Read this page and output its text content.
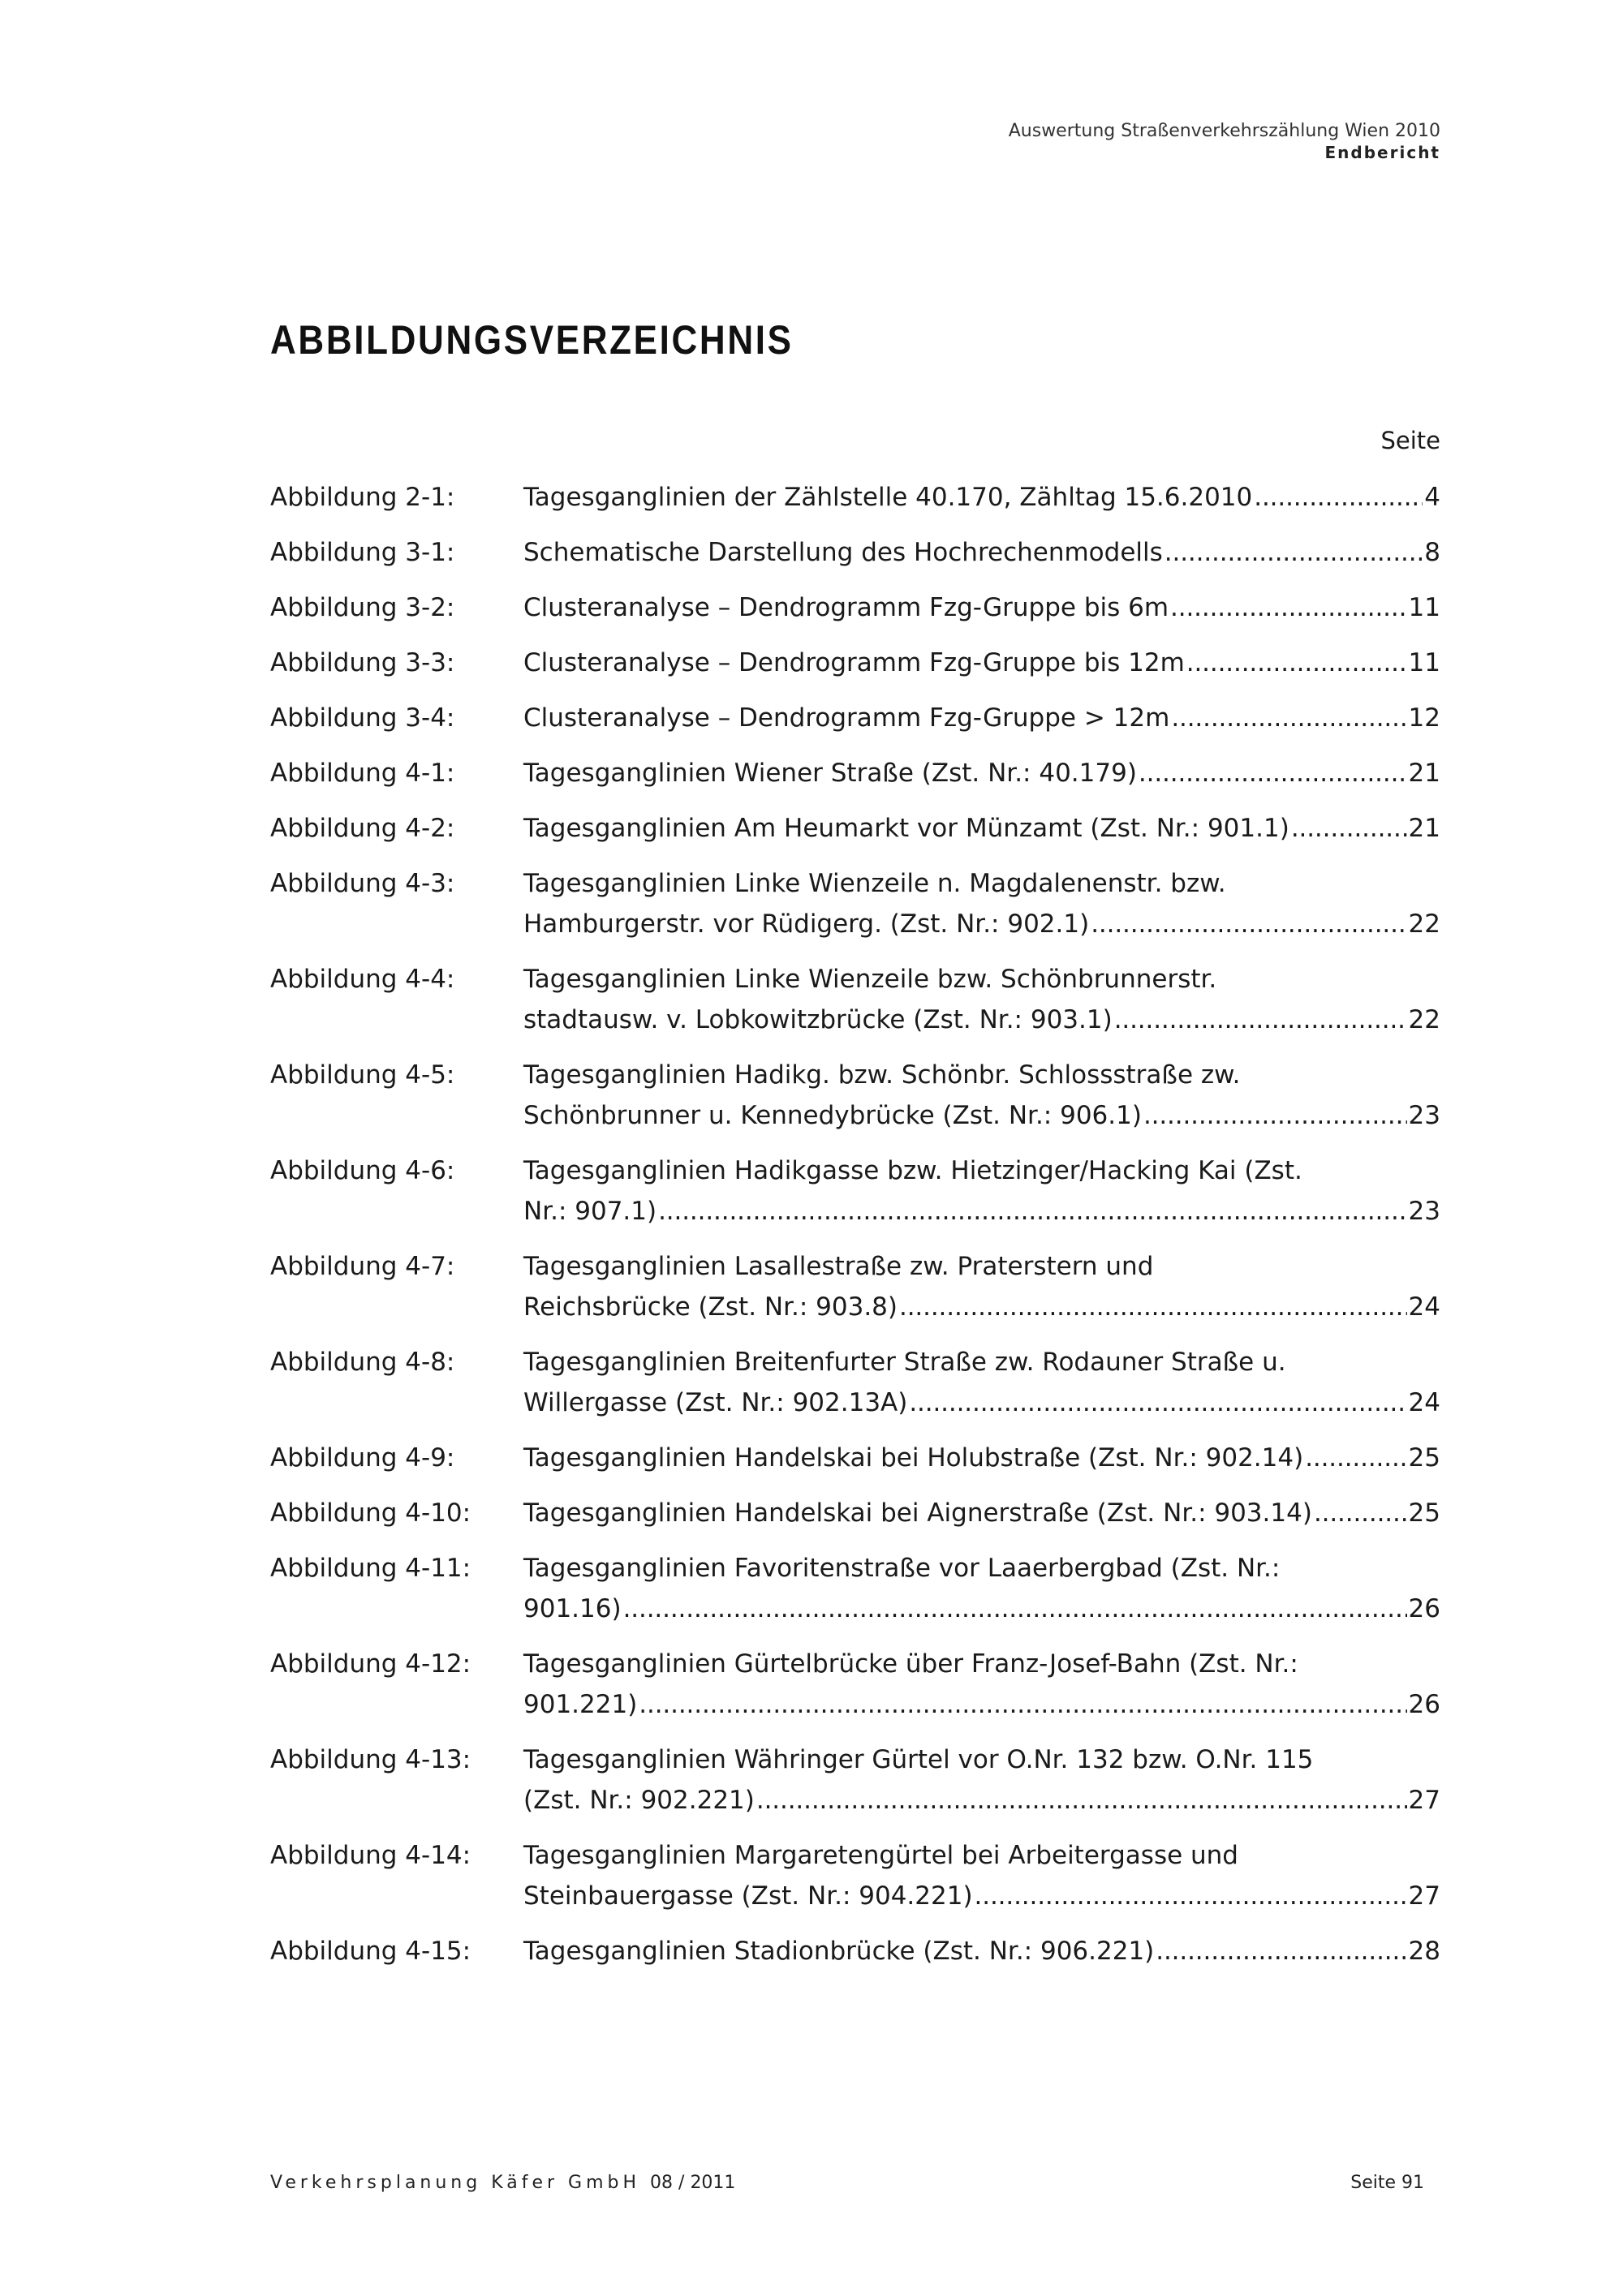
Auswertung Straßenverkehrszählung Wien 2010
Endbericht
ABBILDUNGSVERZEICHNIS
Seite
Abbildung 2-1:	Tagesganglinien der Zählstelle 40.170, Zähltag 15.6.2010 . . .	4
Abbildung 3-1:	Schematische Darstellung des Hochrechenmodells . . .	8
Abbildung 3-2:	Clusteranalyse – Dendrogramm Fzg-Gruppe bis 6m . . .	11
Abbildung 3-3:	Clusteranalyse – Dendrogramm Fzg-Gruppe bis 12m . . .	11
Abbildung 3-4:	Clusteranalyse – Dendrogramm Fzg-Gruppe > 12m . . .	12
Abbildung 4-1:	Tagesganglinien Wiener Straße (Zst. Nr.: 40.179) . . .	21
Abbildung 4-2:	Tagesganglinien Am Heumarkt vor Münzamt (Zst. Nr.: 901.1) . . .	21
Abbildung 4-3:	Tagesganglinien Linke Wienzeile n. Magdalenenstr. bzw.
Hamburgerstr. vor Rüdigerg. (Zst. Nr.: 902.1) . . .	22
Abbildung 4-4:	Tagesganglinien Linke Wienzeile bzw. Schönbrunnerstr.
stadtausw. v. Lobkowitzbrücke (Zst. Nr.: 903.1) . . .	22
Abbildung 4-5:	Tagesganglinien Hadikg. bzw. Schönbr. Schlossstraße zw.
Schönbrunner u. Kennedybrücke (Zst. Nr.: 906.1) . . .	23
Abbildung 4-6:	Tagesganglinien Hadikgasse bzw. Hietzinger/Hacking Kai (Zst.
Nr.: 907.1) . . .	23
Abbildung 4-7:	Tagesganglinien Lasallestraße zw. Praterstern und
Reichsbrücke (Zst. Nr.: 903.8) . . .	24
Abbildung 4-8:	Tagesganglinien Breitenfurter Straße zw. Rodauner Straße u.
Willergasse (Zst. Nr.: 902.13A) . . .	24
Abbildung 4-9:	Tagesganglinien Handelskai bei Holubstraße (Zst. Nr.: 902.14) . . .	25
Abbildung 4-10:	Tagesganglinien Handelskai bei Aignerstraße (Zst. Nr.: 903.14) . . .	25
Abbildung 4-11:	Tagesganglinien Favoritenstraße vor Laaerbergbad (Zst. Nr.:
901.16) . . .	26
Abbildung 4-12:	Tagesganglinien Gürtelbrücke über Franz-Josef-Bahn (Zst. Nr.:
901.221) . . .	26
Abbildung 4-13:	Tagesganglinien Währinger Gürtel vor O.Nr. 132 bzw. O.Nr. 115
(Zst. Nr.: 902.221) . . .	27
Abbildung 4-14:	Tagesganglinien Margaretengürtel bei Arbeitergasse und
Steinbauergasse (Zst. Nr.: 904.221) . . .	27
Abbildung 4-15:	Tagesganglinien Stadionbrücke (Zst. Nr.: 906.221) . . .	28
Verkehrsplanung Käfer GmbH 08 / 2011	Seite 91
